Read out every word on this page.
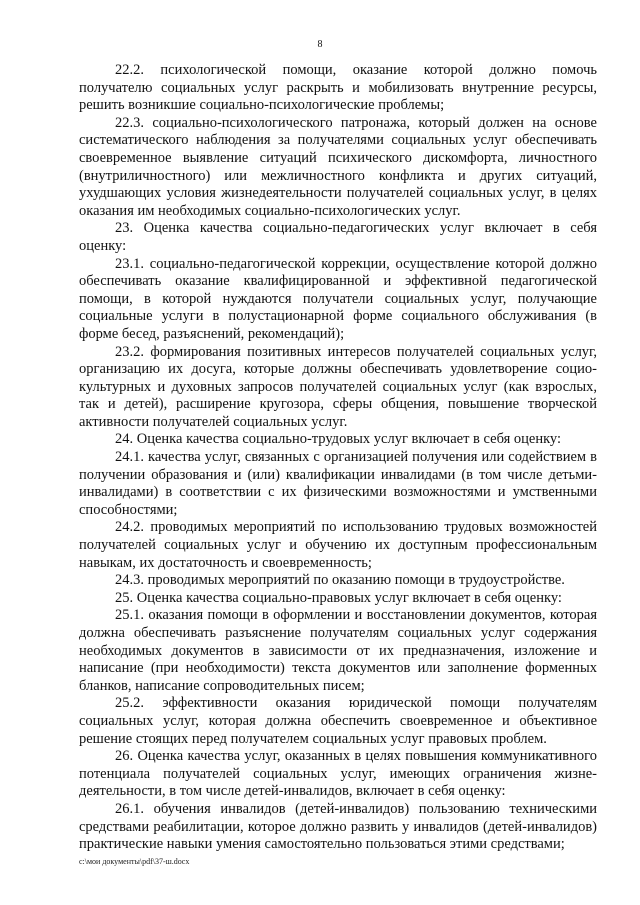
8

22.2. психологической помощи, оказание которой должно помочь получателю социальных услуг раскрыть и мобилизовать внутренние ресурсы, решить возникшие социально-психологические проблемы;

22.3. социально-психологического патронажа, который должен на основе систематического наблюдения за получателями социальных услуг обеспечивать своевременное выявление ситуаций психического дискомфорта, личностного (внутриличностного) или межличностного конфликта и других ситуаций, ухудшающих условия жизнедеятельности получателей социальных услуг, в целях оказания им необходимых социально-психологических услуг.

23. Оценка качества социально-педагогических услуг включает в себя оценку:

23.1. социально-педагогической коррекции, осуществление которой должно обеспечивать оказание квалифицированной и эффективной педагогической помощи, в которой нуждаются получатели социальных услуг, получающие социальные услуги в полустационарной форме социального обслуживания (в форме бесед, разъяснений, рекомендаций);

23.2. формирования позитивных интересов получателей социальных услуг, организацию их досуга, которые должны обеспечивать удовлетворение социо-культурных и духовных запросов получателей социальных услуг (как взрослых, так и детей), расширение кругозора, сферы общения, повышение творческой активности получателей социальных услуг.

24. Оценка качества социально-трудовых услуг включает в себя оценку:

24.1. качества услуг, связанных с организацией получения или содействием в получении образования и (или) квалификации инвалидами (в том числе детьми-инвалидами) в соответствии с их физическими возможностями и умственными способностями;

24.2. проводимых мероприятий по использованию трудовых возможностей получателей социальных услуг и обучению их доступным профессиональным навыкам, их достаточность и своевременность;

24.3. проводимых мероприятий по оказанию помощи в трудоустройстве.

25. Оценка качества социально-правовых услуг включает в себя оценку:

25.1. оказания помощи в оформлении и восстановлении документов, которая должна обеспечивать разъяснение получателям социальных услуг содержания необходимых документов в зависимости от их предназначения, изложение и написание (при необходимости) текста документов или заполнение форменных бланков, написание сопроводительных писем;

25.2. эффективности оказания юридической помощи получателям социальных услуг, которая должна обеспечить своевременное и объективное решение стоящих перед получателем социальных услуг правовых проблем.

26. Оценка качества услуг, оказанных в целях повышения коммуникативного потенциала получателей социальных услуг, имеющих ограничения жизне-деятельности, в том числе детей-инвалидов, включает в себя оценку:

26.1. обучения инвалидов (детей-инвалидов) пользованию техническими средствами реабилитации, которое должно развить у инвалидов (детей-инвалидов) практические навыки умения самостоятельно пользоваться этими средствами;

c:\мои документы\pdf\37-ш.docx
